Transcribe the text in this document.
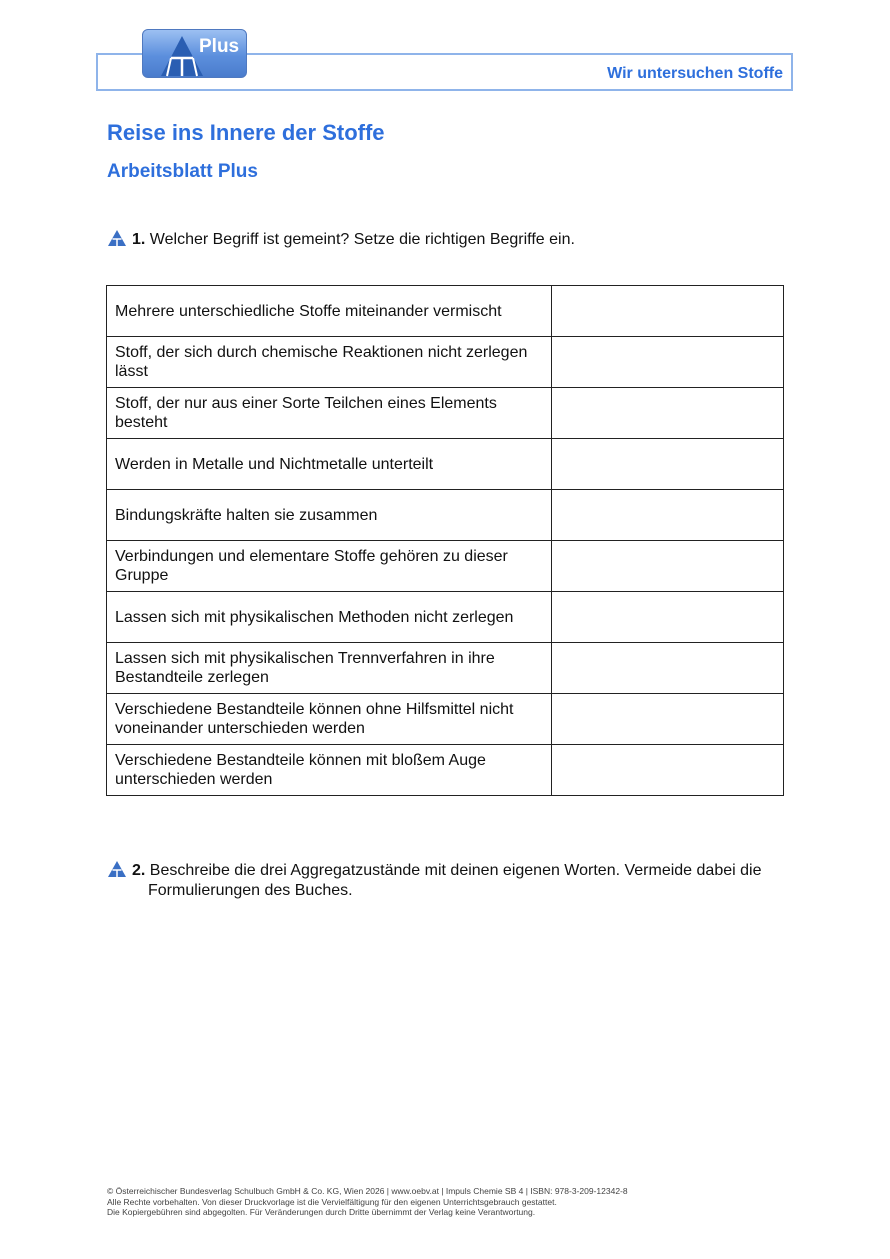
Wir untersuchen Stoffe
Plus
Reise ins Innere der Stoffe
Arbeitsblatt Plus
1. Welcher Begriff ist gemeint? Setze die richtigen Begriffe ein.
Mehrere unterschiedliche Stoffe miteinander vermischt	
Stoff, der sich durch chemische Reaktionen nicht zerlegen lässt	
Stoff, der nur aus einer Sorte Teilchen eines Elements besteht	
Werden in Metalle und Nichtmetalle unterteilt	
Bindungskräfte halten sie zusammen	
Verbindungen und elementare Stoffe gehören zu dieser Gruppe	
Lassen sich mit physikalischen Methoden nicht zerlegen	
Lassen sich mit physikalischen Trennverfahren in ihre Bestandteile zerlegen	
Verschiedene Bestandteile können ohne Hilfsmittel nicht voneinander unterschieden werden	
Verschiedene Bestandteile können mit bloßem Auge unterschieden werden	
2. Beschreibe die drei Aggregatzustände mit deinen eigenen Worten. Vermeide dabei die
Formulierungen des Buches.
© Österreichischer Bundesverlag Schulbuch GmbH & Co. KG, Wien 2026 | www.oebv.at | Impuls Chemie SB 4 | ISBN: 978-3-209-12342-8
Alle Rechte vorbehalten. Von dieser Druckvorlage ist die Vervielfältigung für den eigenen Unterrichtsgebrauch gestattet.
Die Kopiergebühren sind abgegolten. Für Veränderungen durch Dritte übernimmt der Verlag keine Verantwortung.
